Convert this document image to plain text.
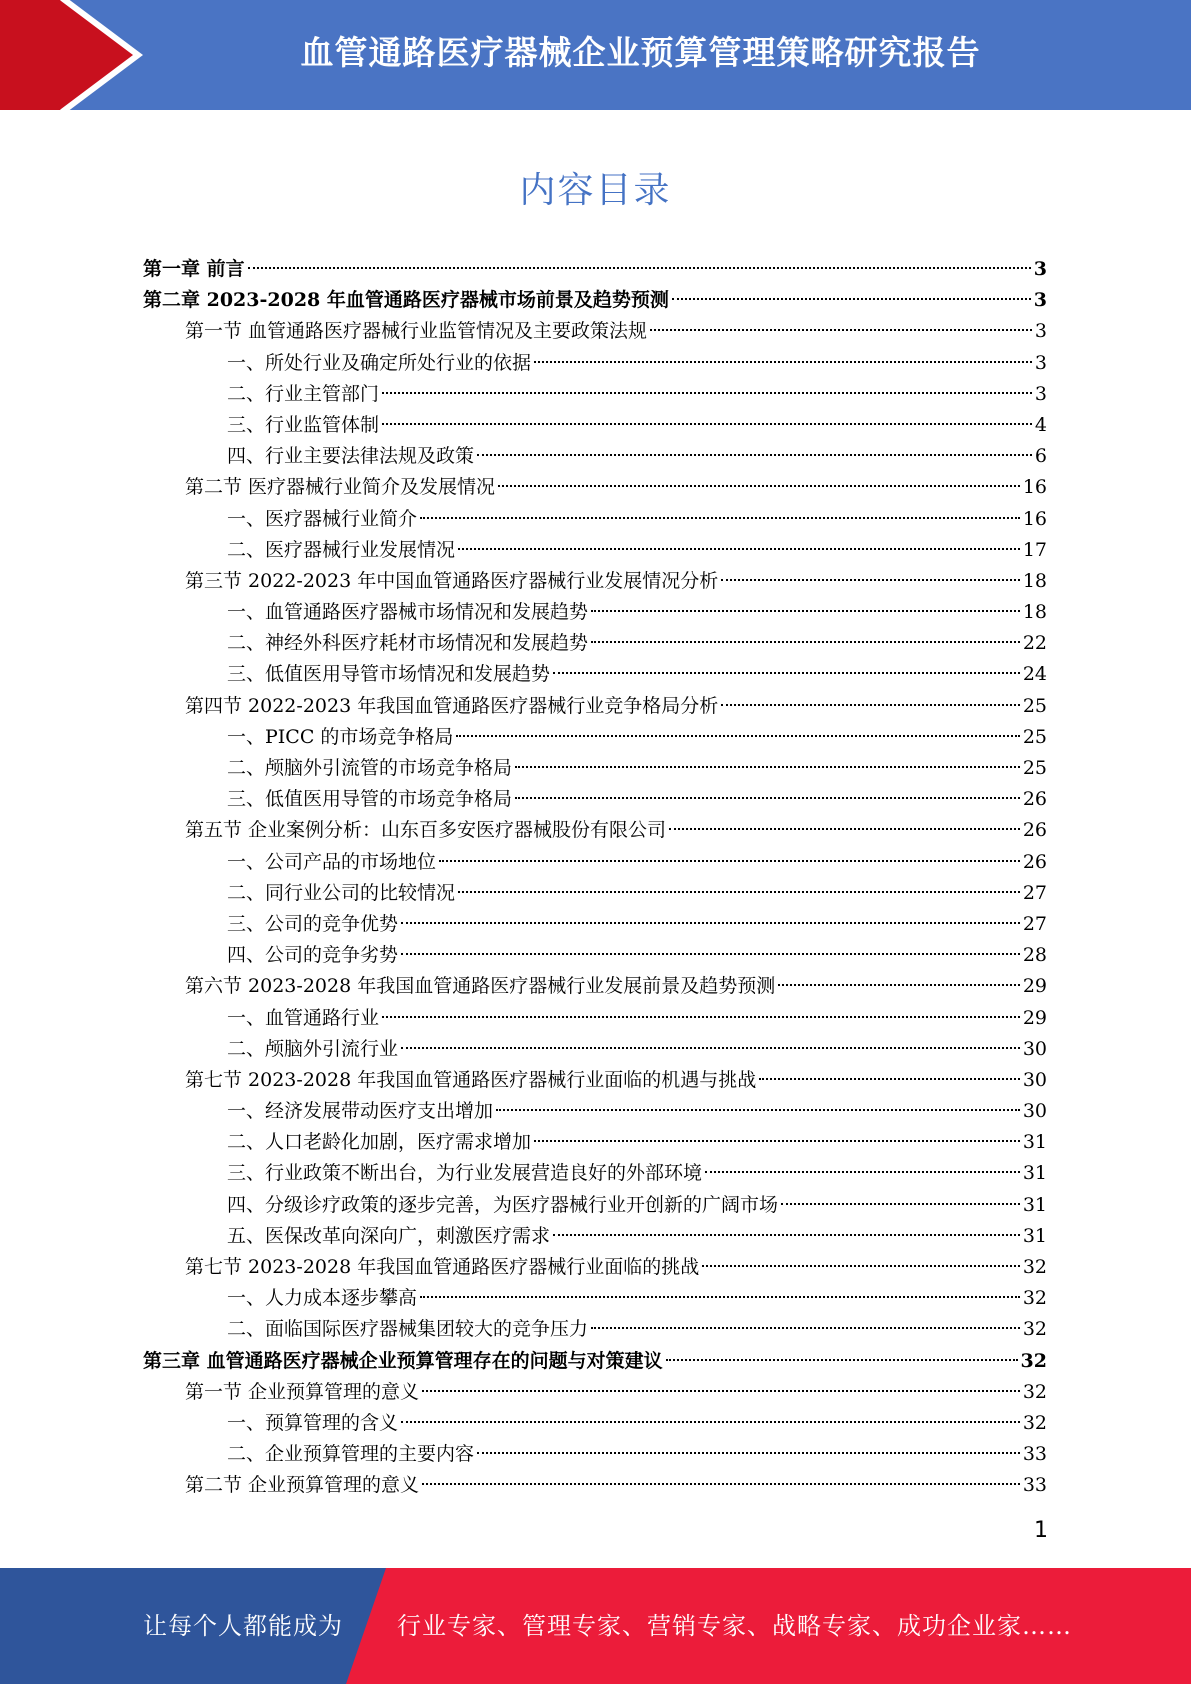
血管通路医疗器械企业预算管理策略研究报告
内容目录
第一章 前言	3
第二章 2023-2028 年血管通路医疗器械市场前景及趋势预测	3
第一节 血管通路医疗器械行业监管情况及主要政策法规	3
一、所处行业及确定所处行业的依据	3
二、行业主管部门	3
三、行业监管体制	4
四、行业主要法律法规及政策	6
第二节 医疗器械行业简介及发展情况	16
一、医疗器械行业简介	16
二、医疗器械行业发展情况	17
第三节 2022-2023 年中国血管通路医疗器械行业发展情况分析	18
一、血管通路医疗器械市场情况和发展趋势	18
二、神经外科医疗耗材市场情况和发展趋势	22
三、低值医用导管市场情况和发展趋势	24
第四节 2022-2023 年我国血管通路医疗器械行业竞争格局分析	25
一、PICC 的市场竞争格局	25
二、颅脑外引流管的市场竞争格局	25
三、低值医用导管的市场竞争格局	26
第五节 企业案例分析：山东百多安医疗器械股份有限公司	26
一、公司产品的市场地位	26
二、同行业公司的比较情况	27
三、公司的竞争优势	27
四、公司的竞争劣势	28
第六节 2023-2028 年我国血管通路医疗器械行业发展前景及趋势预测	29
一、血管通路行业	29
二、颅脑外引流行业	30
第七节 2023-2028 年我国血管通路医疗器械行业面临的机遇与挑战	30
一、经济发展带动医疗支出增加	30
二、人口老龄化加剧，医疗需求增加	31
三、行业政策不断出台，为行业发展营造良好的外部环境	31
四、分级诊疗政策的逐步完善，为医疗器械行业开创新的广阔市场	31
五、医保改革向深向广，刺激医疗需求	31
第七节 2023-2028 年我国血管通路医疗器械行业面临的挑战	32
一、人力成本逐步攀高	32
二、面临国际医疗器械集团较大的竞争压力	32
第三章 血管通路医疗器械企业预算管理存在的问题与对策建议	32
第一节 企业预算管理的意义	32
一、预算管理的含义	32
二、企业预算管理的主要内容	33
第二节 企业预算管理的意义	33
1
让每个人都能成为 行业专家、管理专家、营销专家、战略专家、成功企业家……
